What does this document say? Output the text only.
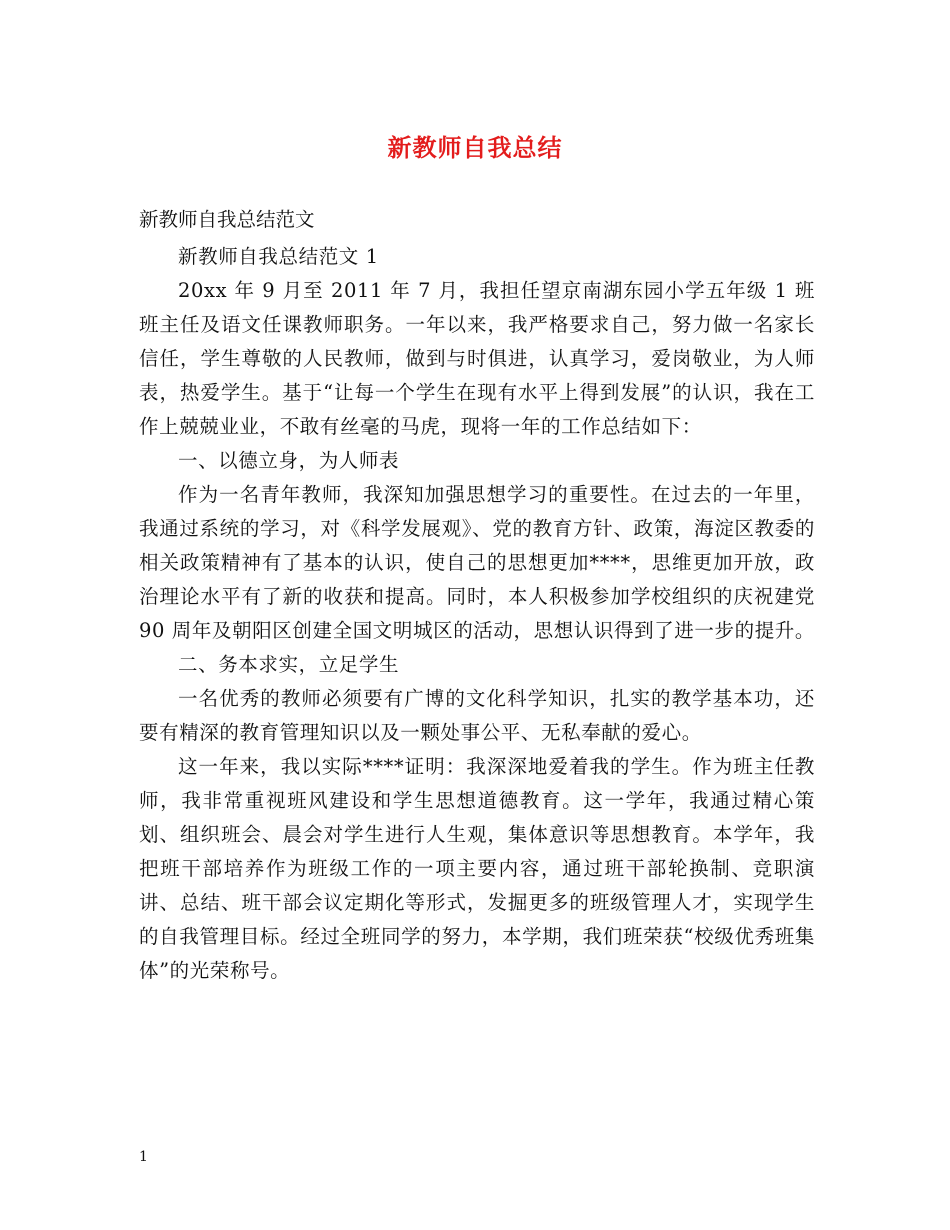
新教师自我总结

新教师自我总结范文

新教师自我总结范文 1

20xx 年 9 月至 2011 年 7 月，我担任望京南湖东园小学五年级 1 班班主任及语文任课教师职务。一年以来，我严格要求自己，努力做一名家长信任，学生尊敬的人民教师，做到与时俱进，认真学习，爱岗敬业，为人师表，热爱学生。基于“让每一个学生在现有水平上得到发展”的认识，我在工作上兢兢业业，不敢有丝毫的马虎，现将一年的工作总结如下：

一、以德立身，为人师表

作为一名青年教师，我深知加强思想学习的重要性。在过去的一年里，我通过系统的学习，对《科学发展观》、党的教育方针、政策，海淀区教委的相关政策精神有了基本的认识，使自己的思想更加****，思维更加开放，政治理论水平有了新的收获和提高。同时，本人积极参加学校组织的庆祝建党 90 周年及朝阳区创建全国文明城区的活动，思想认识得到了进一步的提升。

二、务本求实，立足学生

一名优秀的教师必须要有广博的文化科学知识，扎实的教学基本功，还要有精深的教育管理知识以及一颗处事公平、无私奉献的爱心。

这一年来，我以实际****证明：我深深地爱着我的学生。作为班主任教师，我非常重视班风建设和学生思想道德教育。这一学年，我通过精心策划、组织班会、晨会对学生进行人生观，集体意识等思想教育。本学年，我把班干部培养作为班级工作的一项主要内容，通过班干部轮换制、竞职演讲、总结、班干部会议定期化等形式，发掘更多的班级管理人才，实现学生的自我管理目标。经过全班同学的努力，本学期，我们班荣获“校级优秀班集体”的光荣称号。

1
